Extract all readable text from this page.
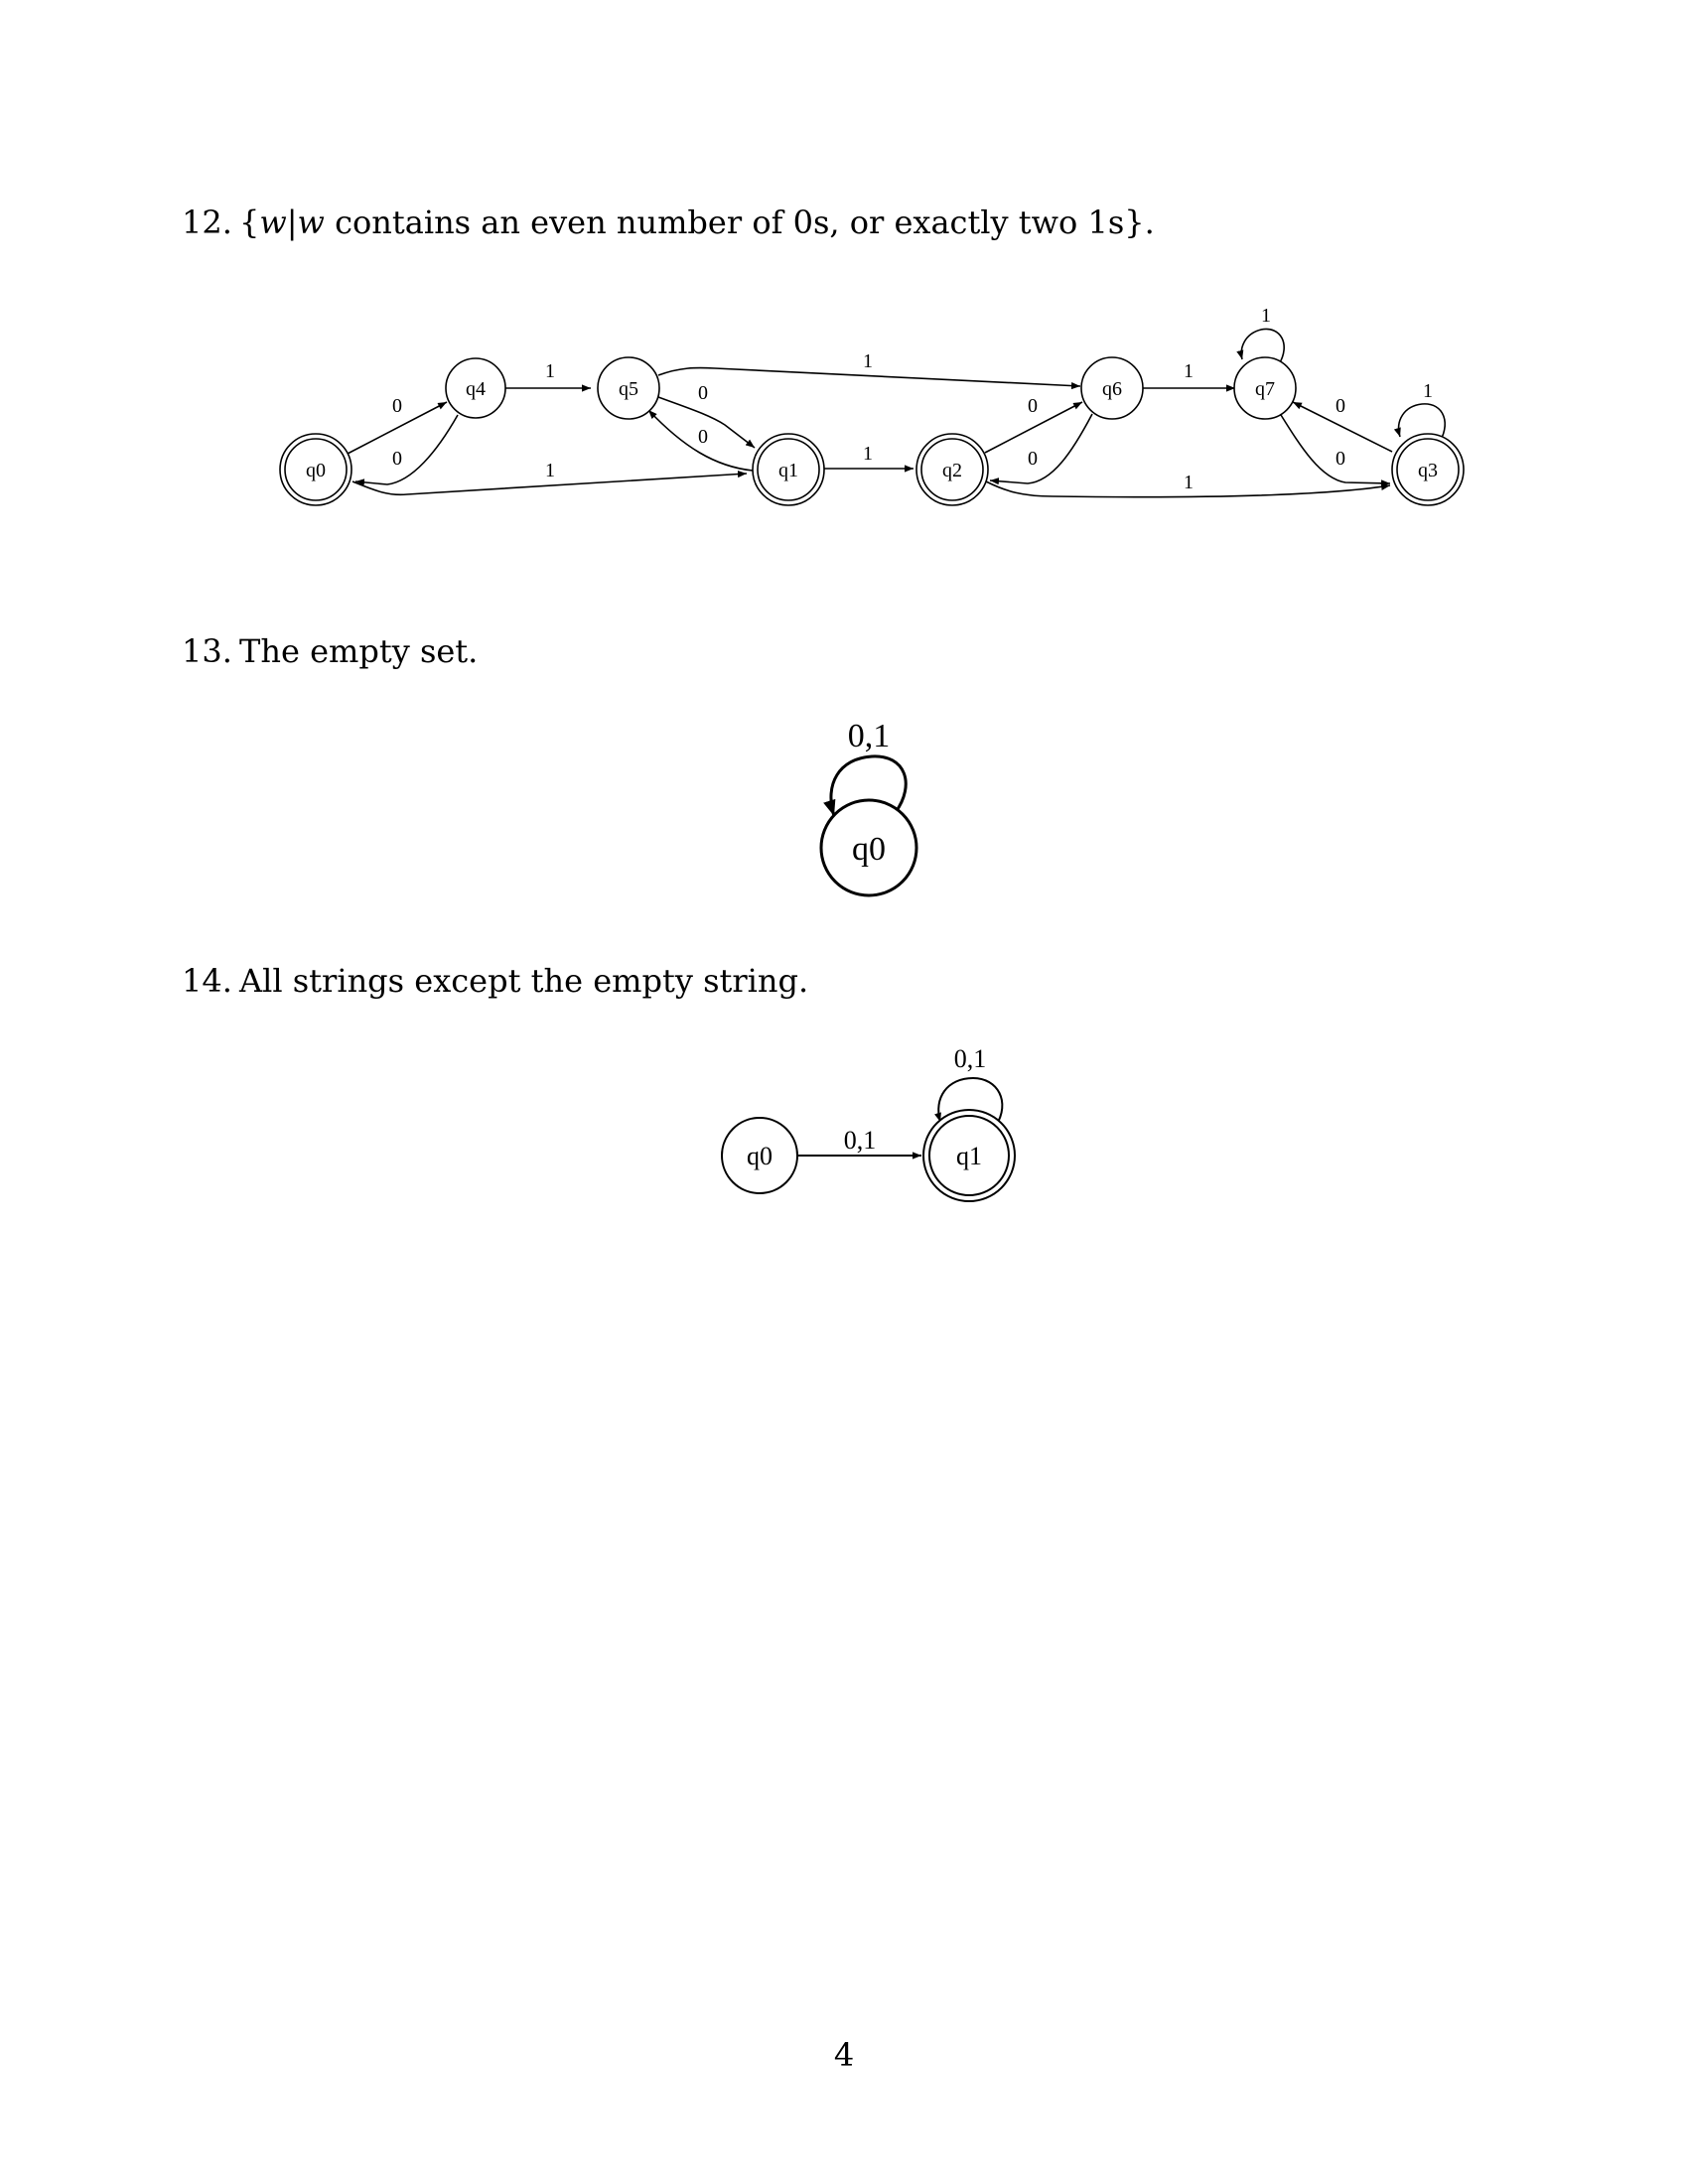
12. {w|w contains an even number of 0s, or exactly two 1s}.
0
0
1
1
0
0
1
1
0
0
1
1
1
0
0
1
q0
q4	q5
q1	q2
q6	q7
q3
13. The empty set.
0,1
q0
14. All strings except the empty string.
0,1
0,1
q0	q1
4
